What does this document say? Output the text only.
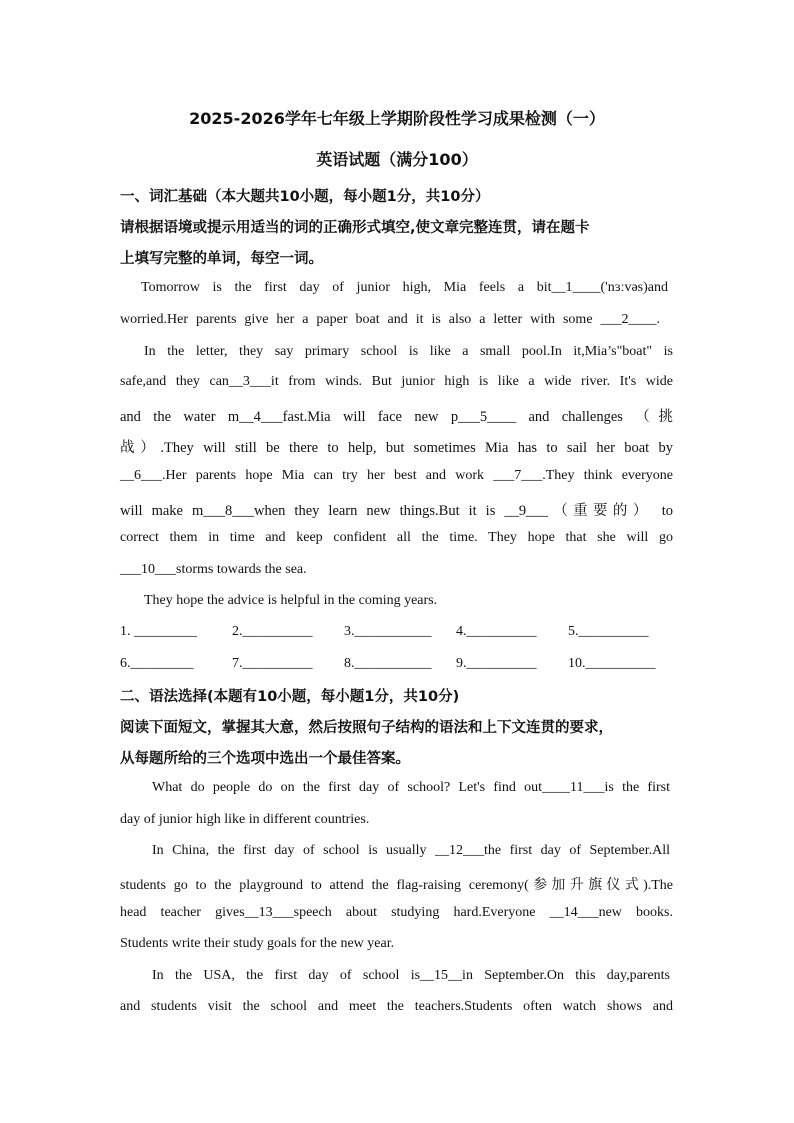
2025-2026学年七年级上学期阶段性学习成果检测（一）
英语试题（满分100）
一、词汇基础（本大题共10小题，每小题1分，共10分）
请根据语境或提示用适当的词的正确形式填空,使文章完整连贯，请在题卡
上填写完整的单词，每空一词。
Tomorrow is the first day of junior high, Mia feels a bit__1____('nɜːvəs)and
worried.Her parents give her a paper boat and it is also a letter with some ___2____.
In the letter, they say primary school is like a small pool.In it,Mia’s"boat" is
safe,and they can__3___it from winds. But junior high is like a wide river. It's wide
and the water m__4___fast.Mia will face new p___5____ and challenges （挑
战）.They will still be there to help, but sometimes Mia has to sail her boat by
__6___.Her parents hope Mia can try her best and work ___7___.They think everyone
will make m___8___when they learn new things.But it is __9___（重要的） to
correct them in time and keep confident all the time. They hope that she will go
___10___storms towards the sea.
They hope the advice is helpful in the coming years.
1. _________	2.__________ 3.___________ 4.__________ 5.__________
6._________	7.__________ 8.___________ 9.__________ 10.__________
二、语法选择(本题有10小题，每小题1分，共10分)
阅读下面短文，掌握其大意，然后按照句子结构的语法和上下文连贯的要求，
从每题所给的三个选项中选出一个最佳答案。
What do people do on the first day of school? Let's find out____11___is the first
day of junior high like in different countries.
In China, the first day of school is usually __12___the first day of September.All
students go to the playground to attend the flag-raising ceremony(参加升旗仪式).The
head teacher gives__13___speech about studying hard.Everyone __14___new books.
Students write their study goals for the new year.
In the USA, the first day of school is__15__in September.On this day,parents
and students visit the school and meet the teachers.Students often watch shows and
